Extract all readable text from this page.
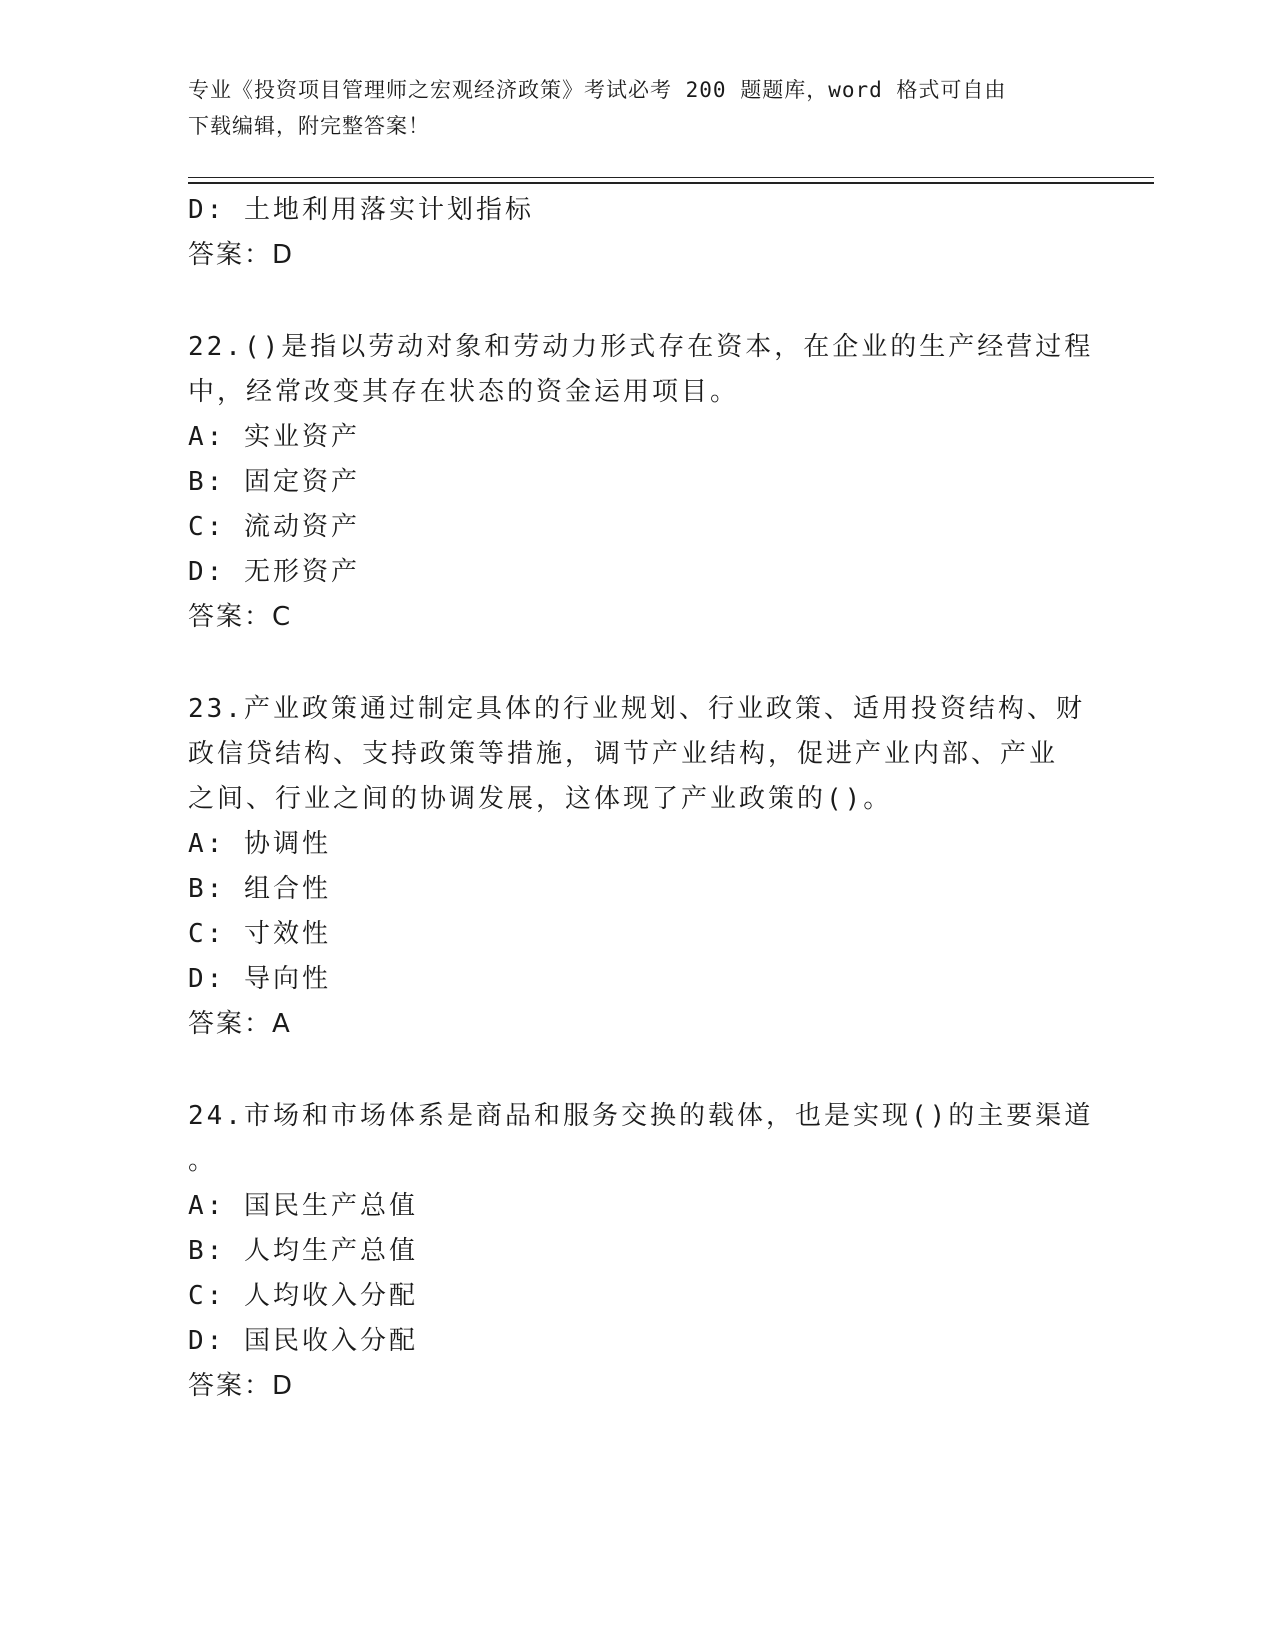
专业《投资项目管理师之宏观经济政策》考试必考 200 题题库，word 格式可自由
下载编辑，附完整答案！
D: 土地利用落实计划指标
答案：D
22.()是指以劳动对象和劳动力形式存在资本，在企业的生产经营过程
中，经常改变其存在状态的资金运用项目。
A: 实业资产
B: 固定资产
C: 流动资产
D: 无形资产
答案：C
23.产业政策通过制定具体的行业规划、行业政策、适用投资结构、财
政信贷结构、支持政策等措施，调节产业结构，促进产业内部、产业
之间、行业之间的协调发展，这体现了产业政策的()。
A: 协调性
B: 组合性
C: 寸效性
D: 导向性
答案：A
24.市场和市场体系是商品和服务交换的载体，也是实现()的主要渠道
。
A: 国民生产总值
B: 人均生产总值
C: 人均收入分配
D: 国民收入分配
答案：D
